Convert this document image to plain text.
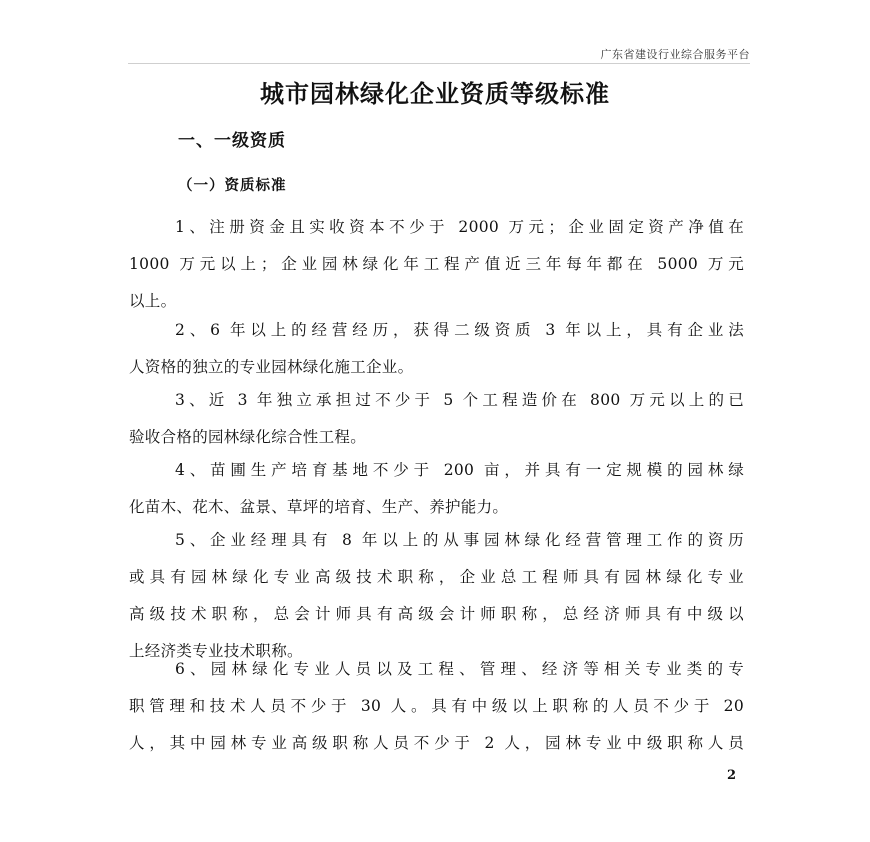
广东省建设行业综合服务平台
城市园林绿化企业资质等级标准
一、一级资质
（一）资质标准
1、注册资金且实收资本不少于 2000 万元；企业固定资产净值在
1000 万元以上；企业园林绿化年工程产值近三年每年都在 5000 万元
以上。
2、6 年以上的经营经历，获得二级资质 3 年以上，具有企业法
人资格的独立的专业园林绿化施工企业。
3、近 3 年独立承担过不少于 5 个工程造价在 800 万元以上的已
验收合格的园林绿化综合性工程。
4、苗圃生产培育基地不少于 200 亩，并具有一定规模的园林绿
化苗木、花木、盆景、草坪的培育、生产、养护能力。
5、企业经理具有 8 年以上的从事园林绿化经营管理工作的资历
或具有园林绿化专业高级技术职称，企业总工程师具有园林绿化专业
高级技术职称，总会计师具有高级会计师职称，总经济师具有中级以
上经济类专业技术职称。
6、园林绿化专业人员以及工程、管理、经济等相关专业类的专
职管理和技术人员不少于 30 人。具有中级以上职称的人员不少于 20
人，其中园林专业高级职称人员不少于 2 人，园林专业中级职称人员
2
